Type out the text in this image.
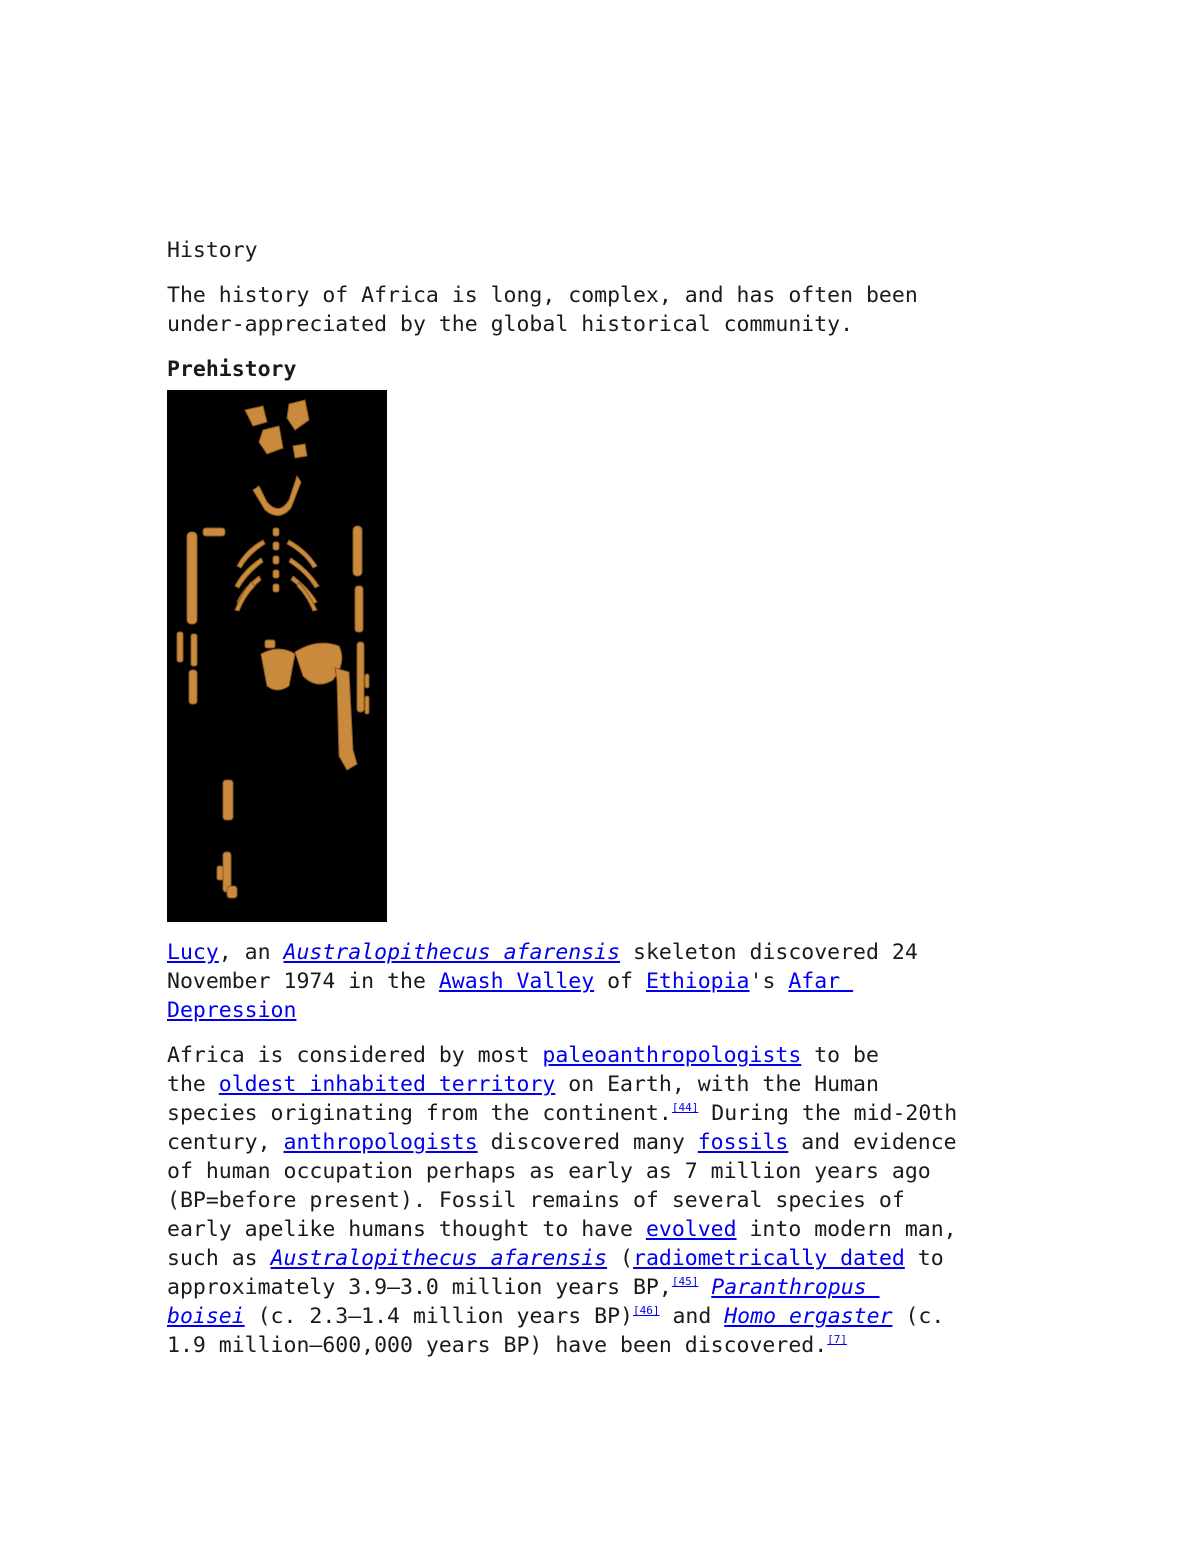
History

The history of Africa is long, complex, and has often been

under-appreciated by the global historical community.

Prehistory

Lucy, an Australopithecus afarensis skeleton discovered 24

November 1974 in the Awash Valley of Ethiopia's Afar

Depression

Africa is considered by most paleoanthropologists to be

the oldest inhabited territory on Earth, with the Human

species originating from the continent.[44] During the mid-20th

century, anthropologists discovered many fossils and evidence

of human occupation perhaps as early as 7 million years ago

(BP=before present). Fossil remains of several species of

early apelike humans thought to have evolved into modern man,

such as Australopithecus afarensis (radiometrically dated to

approximately 3.9–3.0 million years BP,[45] Paranthropus

boisei (c. 2.3–1.4 million years BP)[46] and Homo ergaster (c.

1.9 million–600,000 years BP) have been discovered.[7]
